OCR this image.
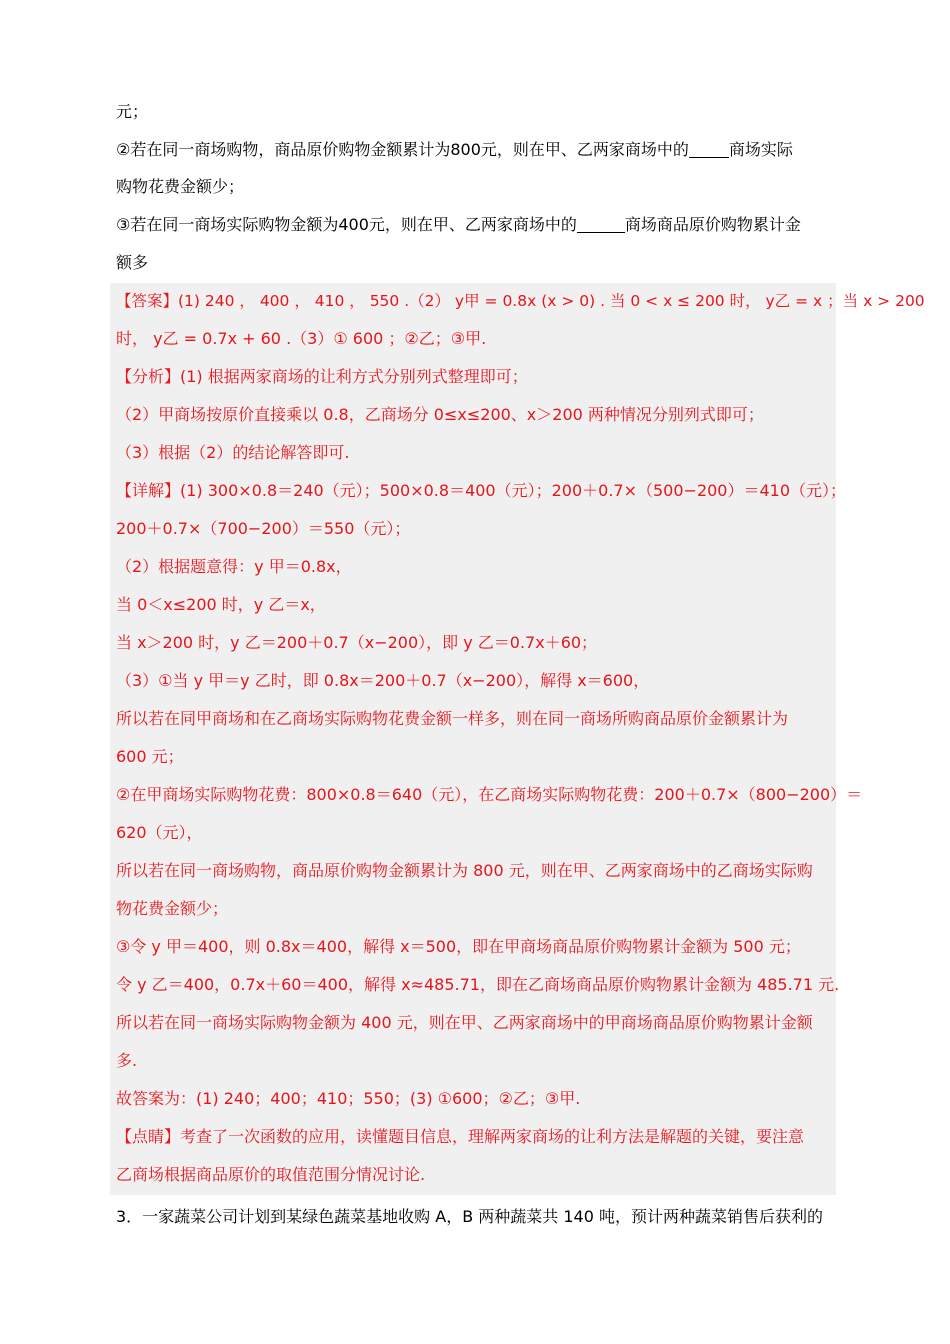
元；
②若在同一商场购物，商品原价购物金额累计为800元，则在甲、乙两家商场中的	商场实际
购物花费金额少；
③若在同一商场实际购物金额为400元，则在甲、乙两家商场中的	商场商品原价购物累计金
额多
【答案】(1) 240 ， 400 ， 410 ， 550 .（2） y甲 = 0.8x (x > 0) . 当 0 < x ≤ 200 时， y乙 = x ；当 x > 200
时， y乙 = 0.7x + 60 .（3）① 600 ；②乙；③甲.
【分析】(1) 根据两家商场的让利方式分别列式整理即可；
（2）甲商场按原价直接乘以 0.8，乙商场分 0≤x≤200、x＞200 两种情况分别列式即可；
（3）根据（2）的结论解答即可.
【详解】(1) 300×0.8＝240（元）；500×0.8＝400（元）；200＋0.7×（500−200）＝410（元）；
200＋0.7×（700−200）＝550（元）；
（2）根据题意得：y 甲＝0.8x，
当 0＜x≤200 时，y 乙＝x，
当 x＞200 时，y 乙＝200＋0.7（x−200），即 y 乙＝0.7x＋60；
（3）①当 y 甲＝y 乙时，即 0.8x＝200＋0.7（x−200），解得 x＝600，
所以若在同甲商场和在乙商场实际购物花费金额一样多，则在同一商场所购商品原价金额累计为
600 元；
②在甲商场实际购物花费：800×0.8＝640（元），在乙商场实际购物花费：200＋0.7×（800−200）＝
620（元），
所以若在同一商场购物，商品原价购物金额累计为 800 元，则在甲、乙两家商场中的乙商场实际购
物花费金额少；
③令 y 甲＝400，则 0.8x＝400，解得 x＝500，即在甲商场商品原价购物累计金额为 500 元；
令 y 乙＝400，0.7x＋60＝400，解得 x≈485.71，即在乙商场商品原价购物累计金额为 485.71 元.
所以若在同一商场实际购物金额为 400 元，则在甲、乙两家商场中的甲商场商品原价购物累计金额
多.
故答案为：(1) 240；400；410；550；(3) ①600；②乙；③甲.
【点睛】考查了一次函数的应用，读懂题目信息，理解两家商场的让利方法是解题的关键，要注意
乙商场根据商品原价的取值范围分情况讨论.
3．一家蔬菜公司计划到某绿色蔬菜基地收购 A，B 两种蔬菜共 140 吨，预计两种蔬菜销售后获利的
